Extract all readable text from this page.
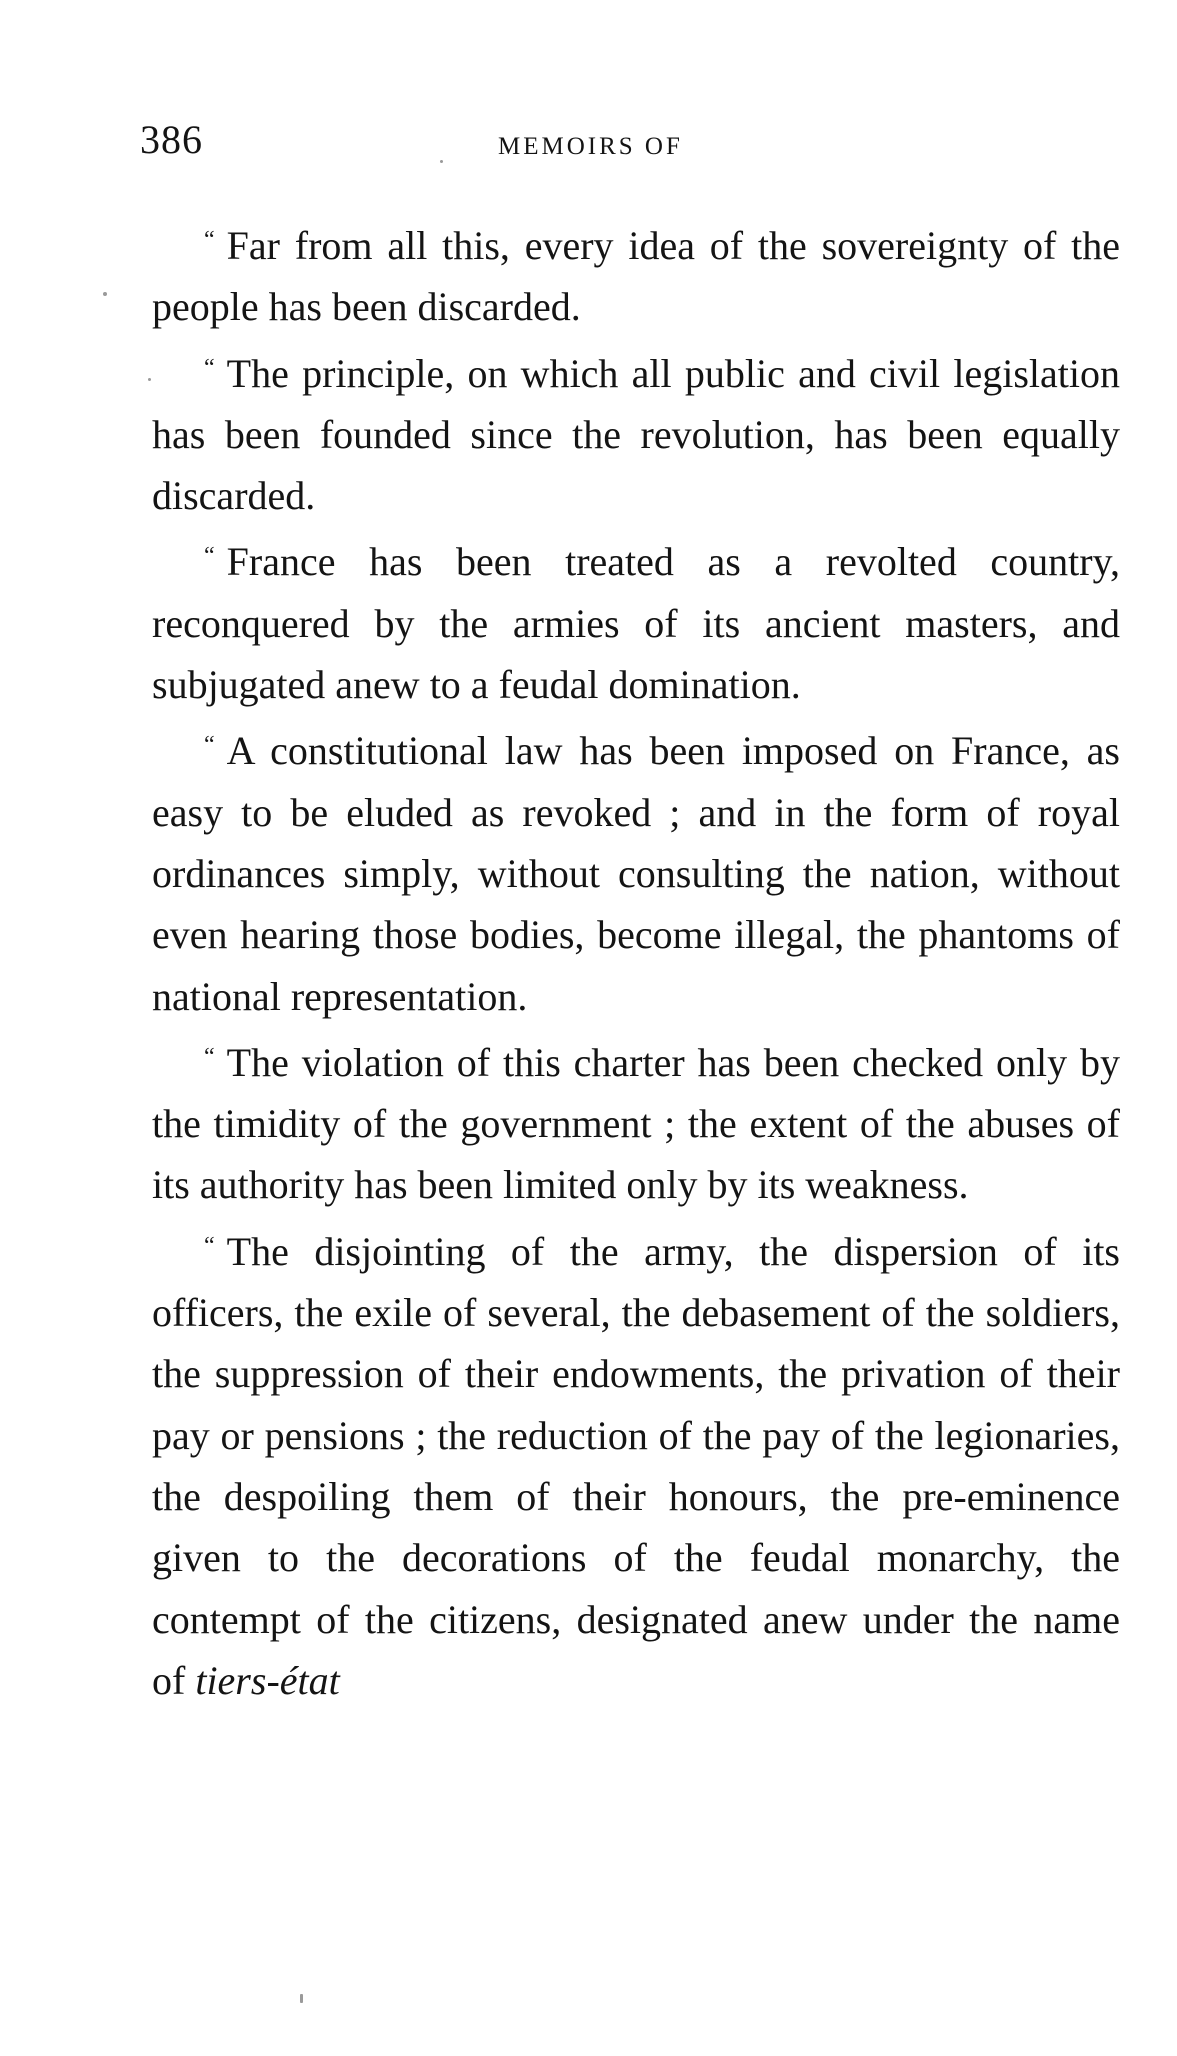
386	MEMOIRS OF

“ Far from all this, every idea of the sovereignty of the people has been discarded.

“ The principle, on which all public and civil legislation has been founded since the revolution, has been equally discarded.

“ France has been treated as a revolted country, reconquered by the armies of its ancient masters, and subjugated anew to a feudal domination.

“ A constitutional law has been imposed on France, as easy to be eluded as revoked ; and in the form of royal ordinances simply, without consulting the nation, without even hearing those bodies, become illegal, the phantoms of national representation.

“ The violation of this charter has been checked only by the timidity of the government ; the extent of the abuses of its authority has been limited only by its weakness.

“ The disjointing of the army, the dispersion of its officers, the exile of several, the debasement of the soldiers, the suppression of their endowments, the privation of their pay or pensions ; the reduction of the pay of the legionaries, the despoiling them of their honours, the pre-eminence given to the decorations of the feudal monarchy, the contempt of the citizens, designated anew under the name of tiers-état
